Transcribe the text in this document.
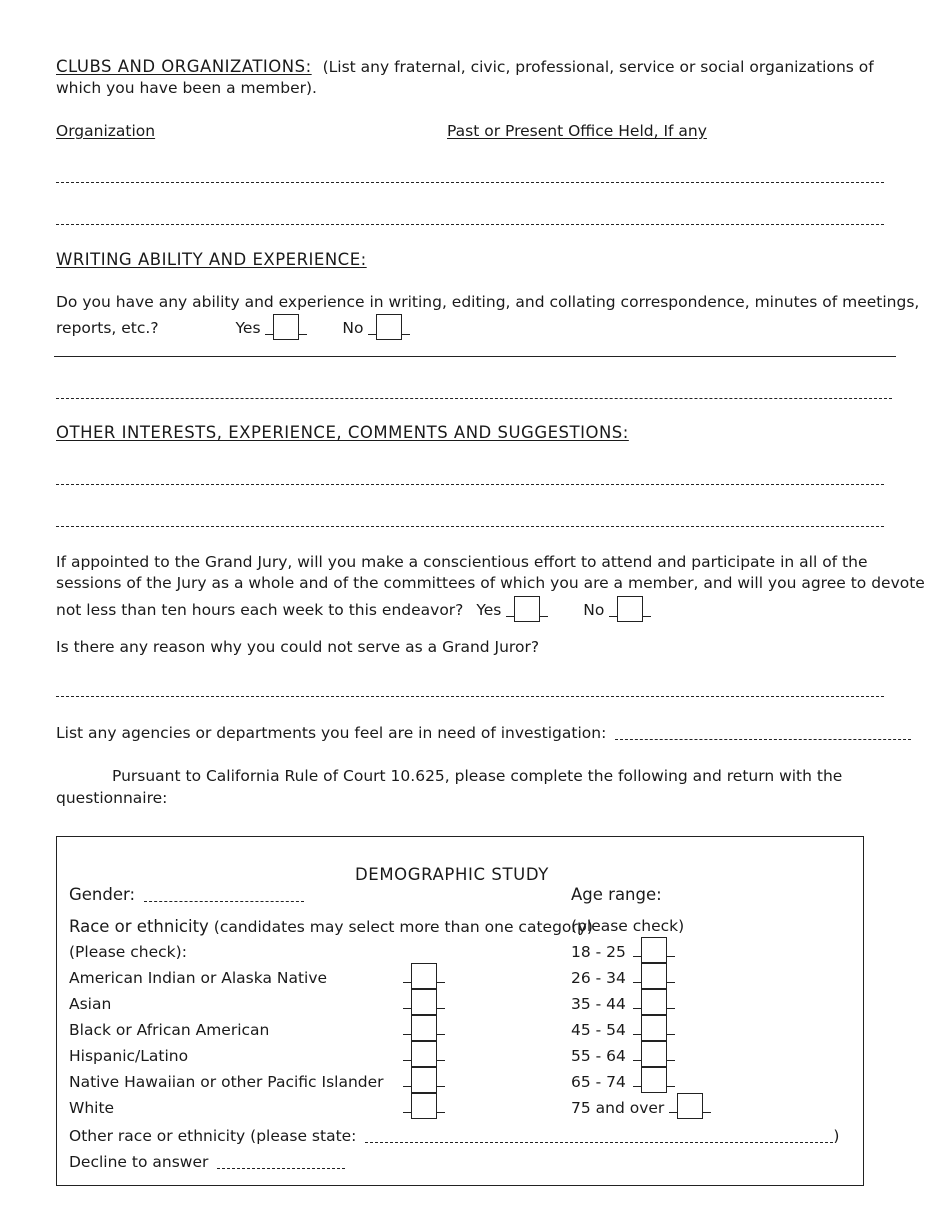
CLUBS AND ORGANIZATIONS: (List any fraternal, civic, professional, service or social organizations of
which you have been a member).
Organization	Past or Present Office Held, If any
WRITING ABILITY AND EXPERIENCE:
Do you have any ability and experience in writing, editing, and collating correspondence, minutes of meetings,
reports, etc.?	Yes	No
OTHER INTERESTS, EXPERIENCE, COMMENTS AND SUGGESTIONS:
If appointed to the Grand Jury, will you make a conscientious effort to attend and participate in all of the
sessions of the Jury as a whole and of the committees of which you are a member, and will you agree to devote
not less than ten hours each week to this endeavor? Yes	No
Is there any reason why you could not serve as a Grand Juror?
List any agencies or departments you feel are in need of investigation:
Pursuant to California Rule of Court 10.625, please complete the following and return with the
questionnaire:
DEMOGRAPHIC STUDY
Gender:	Age range:
Race or ethnicity (candidates may select more than one category)
(please check)
(Please check):
American Indian or Alaska Native
Asian
Black or African American
Hispanic/Latino
Native Hawaiian or other Pacific Islander
White
18 - 25
26 - 34
35 - 44
45 - 54
55 - 64
65 - 74
75 and over
Other race or ethnicity (please state:	)
Decline to answer
